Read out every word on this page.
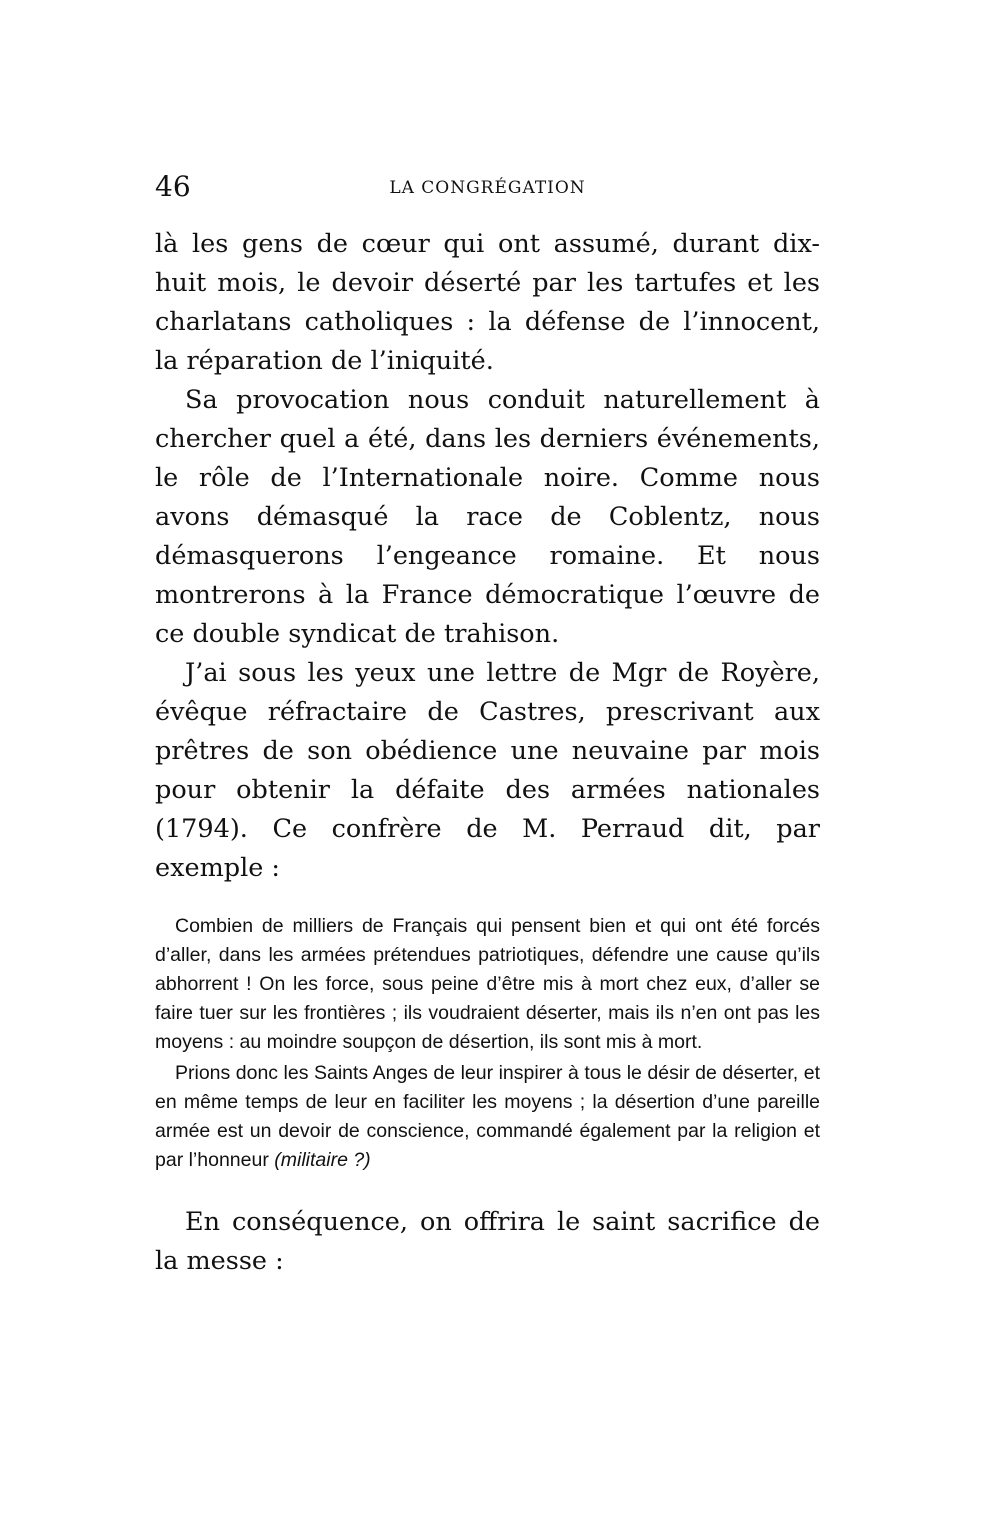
46	LA CONGRÉGATION

là les gens de cœur qui ont assumé, durant dix-huit mois, le devoir déserté par les tartufes et les charlatans catholiques : la défense de l’innocent, la réparation de l’iniquité.

Sa provocation nous conduit naturellement à chercher quel a été, dans les derniers événements, le rôle de l’Internationale noire. Comme nous avons démasqué la race de Coblentz, nous démasquerons l’engeance romaine. Et nous montrerons à la France démocratique l’œuvre de ce double syndicat de trahison.

J’ai sous les yeux une lettre de Mgr de Royère, évêque réfractaire de Castres, prescrivant aux prêtres de son obédience une neuvaine par mois pour obtenir la défaite des armées nationales (1794). Ce confrère de M. Perraud dit, par exemple :

Combien de milliers de Français qui pensent bien et qui ont été forcés d’aller, dans les armées prétendues patriotiques, défendre une cause qu’ils abhorrent ! On les force, sous peine d’être mis à mort chez eux, d’aller se faire tuer sur les frontières ; ils voudraient déserter, mais ils n’en ont pas les moyens : au moindre soupçon de désertion, ils sont mis à mort.

Prions donc les Saints Anges de leur inspirer à tous le désir de déserter, et en même temps de leur en faciliter les moyens ; la désertion d’une pareille armée est un devoir de conscience, commandé également par la religion et par l’honneur (militaire ?)

En conséquence, on offrira le saint sacrifice de la messe :
